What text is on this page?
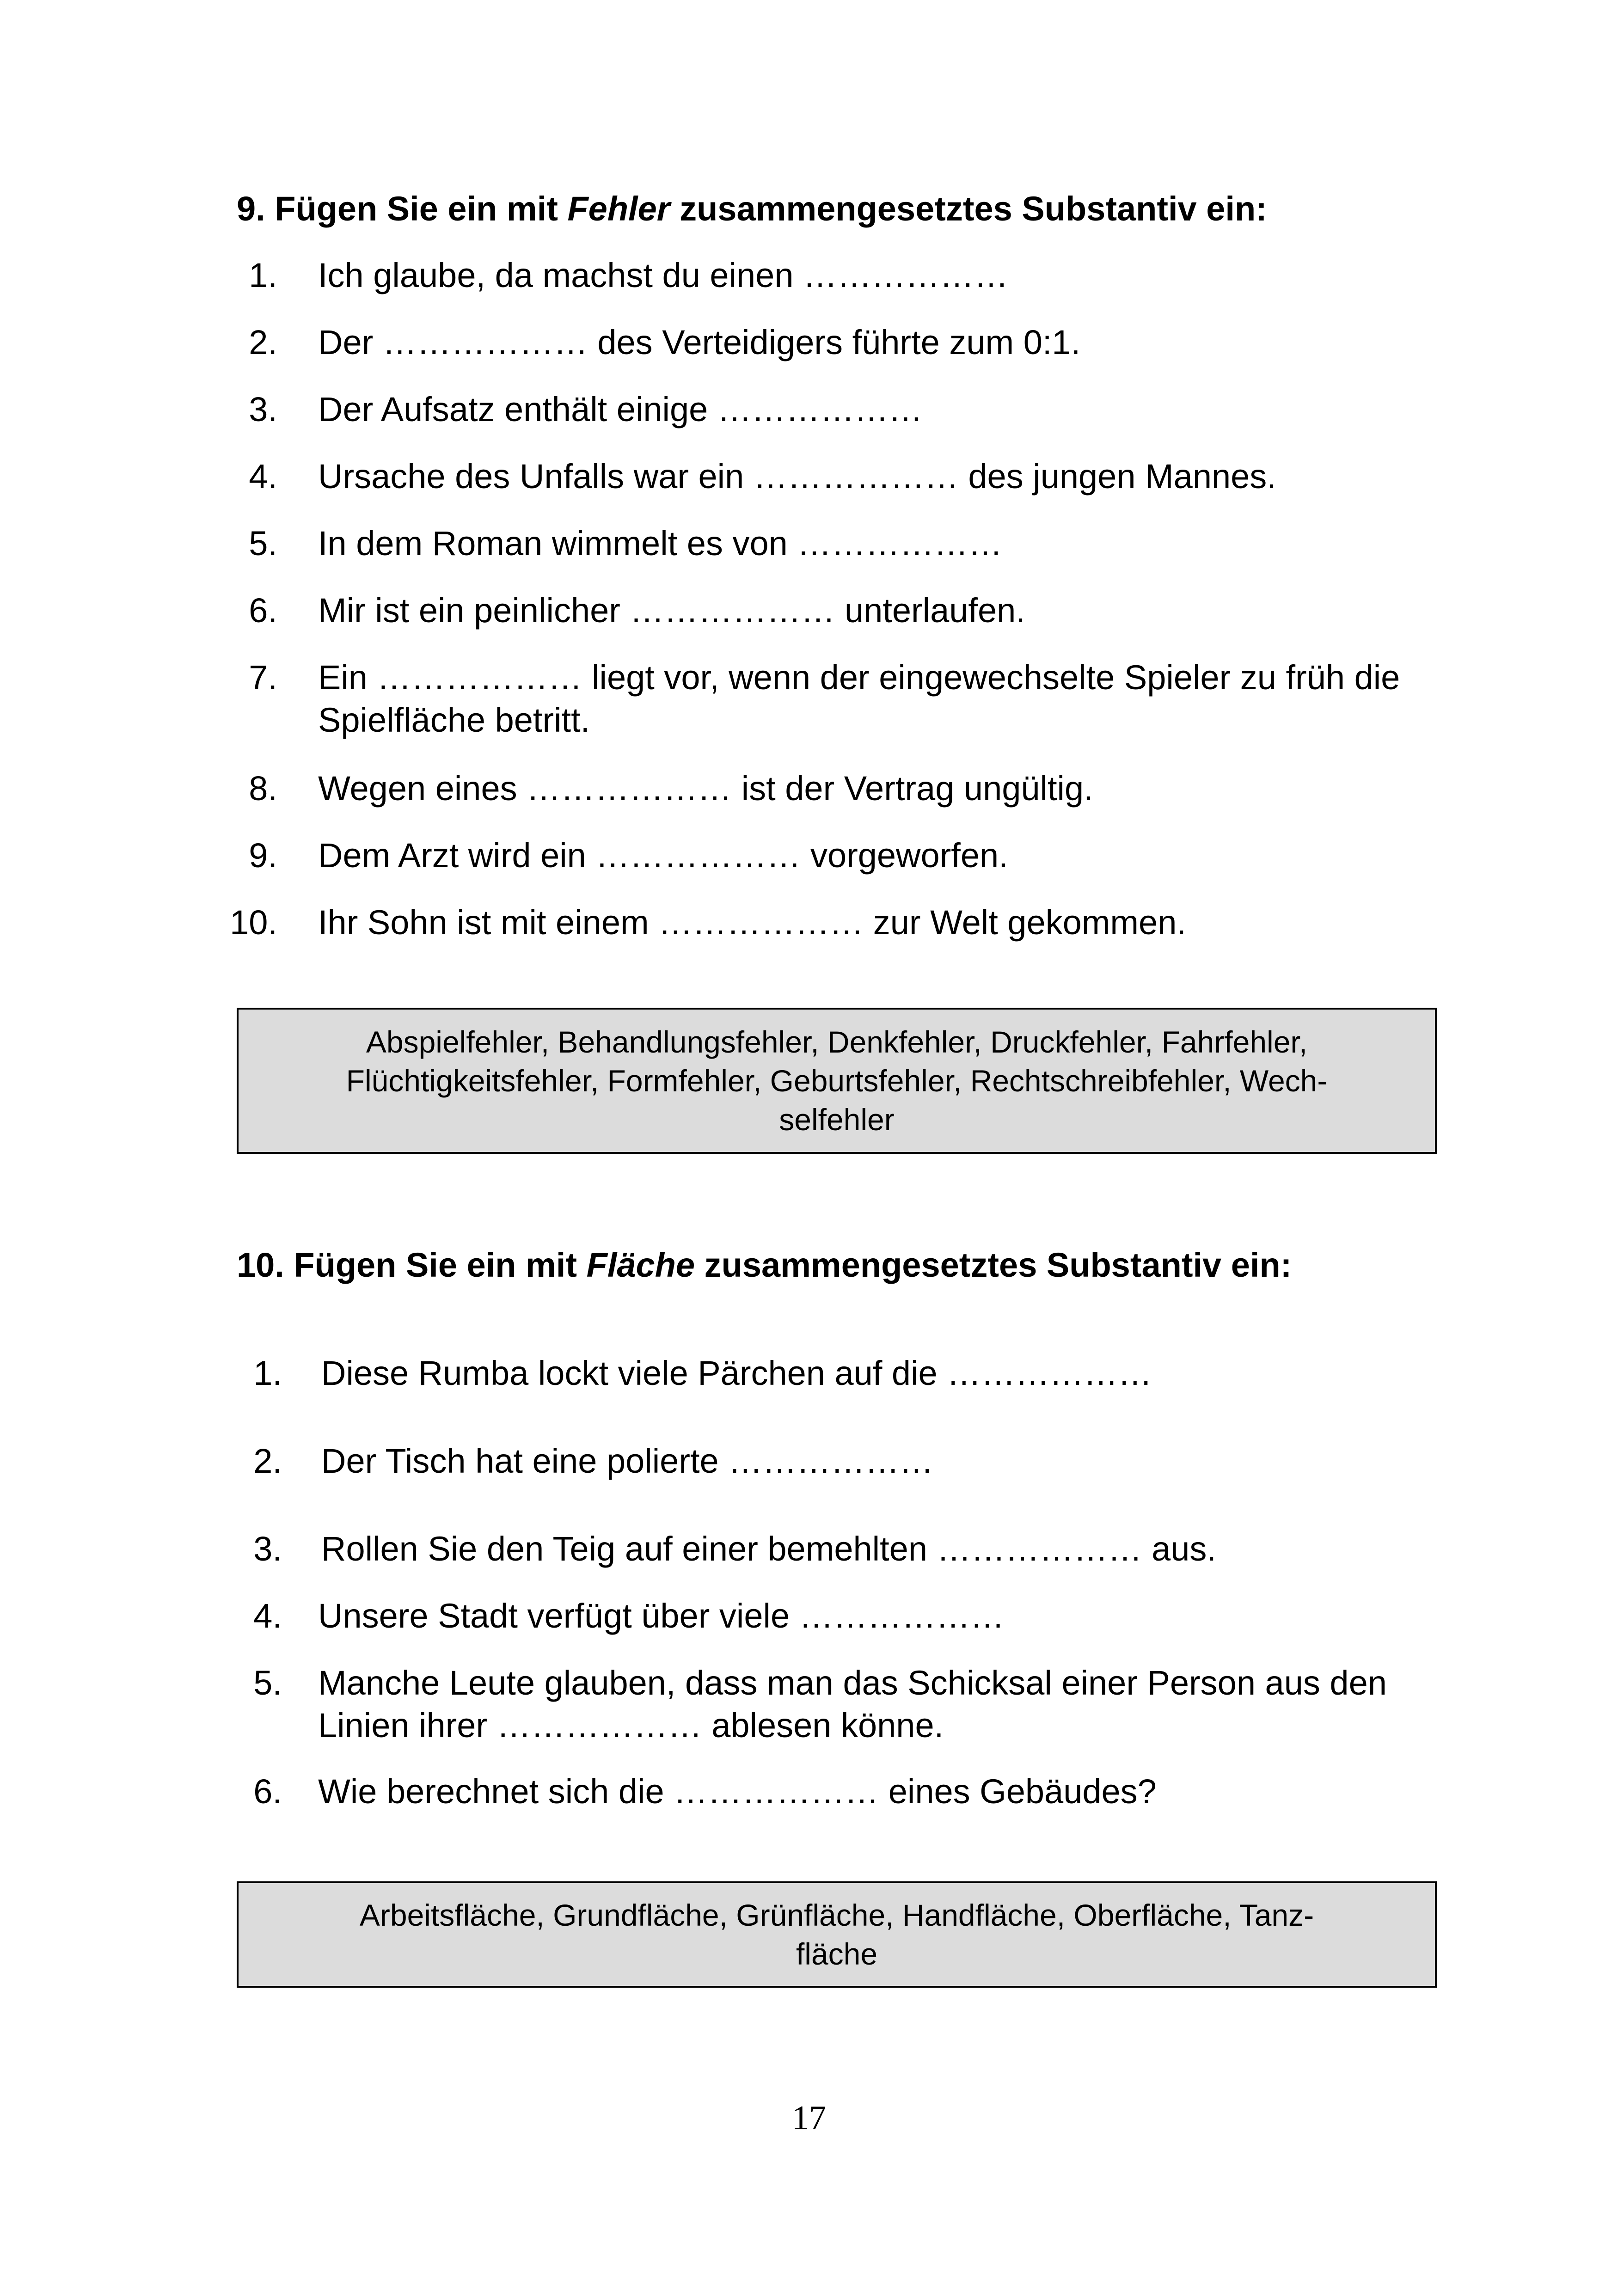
9. Fügen Sie ein mit Fehler zusammengesetztes Substantiv ein:
1. Ich glaube, da machst du einen ………………
2. Der ……………… des Verteidigers führte zum 0:1.
3. Der Aufsatz enthält einige ………………
4. Ursache des Unfalls war ein ……………… des jungen Mannes.
5. In dem Roman wimmelt es von ………………
6. Mir ist ein peinlicher ……………… unterlaufen.
7. Ein ……………… liegt vor, wenn der eingewechselte Spieler zu früh die Spielfläche betritt.
8. Wegen eines ……………… ist der Vertrag ungültig.
9. Dem Arzt wird ein ……………… vorgeworfen.
10. Ihr Sohn ist mit einem ……………… zur Welt gekommen.
Abspielfehler, Behandlungsfehler, Denkfehler, Druckfehler, Fahrfehler,
Flüchtigkeitsfehler, Formfehler, Geburtsfehler, Rechtschreibfehler, Wech-
selfehler
10. Fügen Sie ein mit Fläche zusammengesetztes Substantiv ein:
1. Diese Rumba lockt viele Pärchen auf die ………………
2. Der Tisch hat eine polierte ………………
3. Rollen Sie den Teig auf einer bemehlten ……………… aus.
4. Unsere Stadt verfügt über viele ………………
5. Manche Leute glauben, dass man das Schicksal einer Person aus den Linien ihrer ……………… ablesen könne.
6. Wie berechnet sich die ……………… eines Gebäudes?
Arbeitsfläche, Grundfläche, Grünfläche, Handfläche, Oberfläche, Tanz-
fläche
17
